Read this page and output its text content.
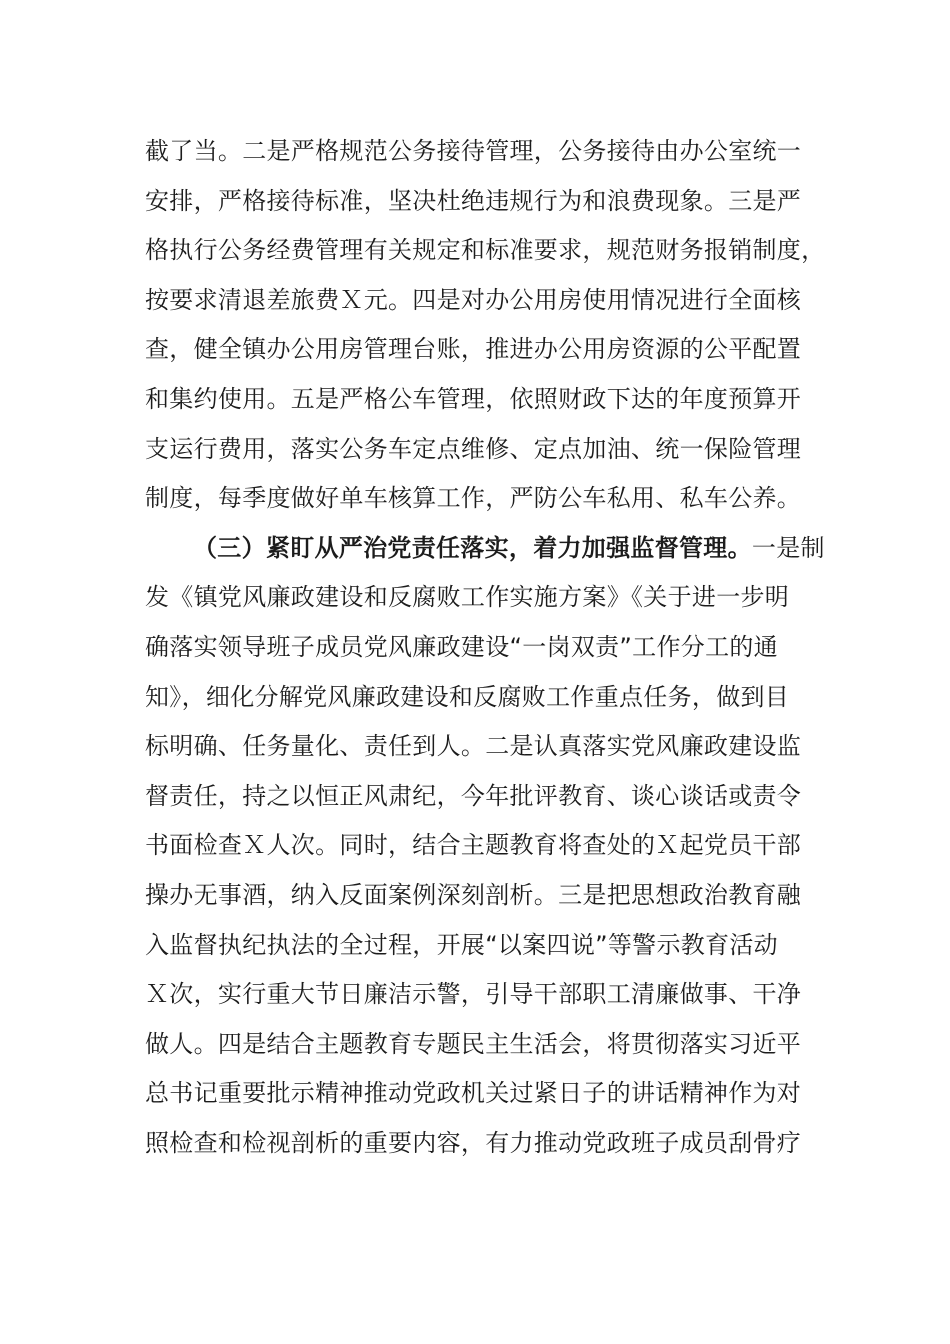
截了当。二是严格规范公务接待管理，公务接待由办公室统一
安排，严格接待标准，坚决杜绝违规行为和浪费现象。三是严
格执行公务经费管理有关规定和标准要求，规范财务报销制度，
按要求清退差旅费Ｘ元。四是对办公用房使用情况进行全面核
查，健全镇办公用房管理台账，推进办公用房资源的公平配置
和集约使用。五是严格公车管理，依照财政下达的年度预算开
支运行费用，落实公务车定点维修、定点加油、统一保险管理
制度，每季度做好单车核算工作，严防公车私用、私车公养。
（三）紧盯从严治党责任落实，着力加强监督管理。一是制
发《镇党风廉政建设和反腐败工作实施方案》《关于进一步明
确落实领导班子成员党风廉政建设“一岗双责”工作分工的通
知》，细化分解党风廉政建设和反腐败工作重点任务，做到目
标明确、任务量化、责任到人。二是认真落实党风廉政建设监
督责任，持之以恒正风肃纪，今年批评教育、谈心谈话或责令
书面检查Ｘ人次。同时，结合主题教育将查处的Ｘ起党员干部
操办无事酒，纳入反面案例深刻剖析。三是把思想政治教育融
入监督执纪执法的全过程，开展“以案四说”等警示教育活动
Ｘ次，实行重大节日廉洁示警，引导干部职工清廉做事、干净
做人。四是结合主题教育专题民主生活会，将贯彻落实习近平
总书记重要批示精神推动党政机关过紧日子的讲话精神作为对
照检查和检视剖析的重要内容，有力推动党政班子成员刮骨疗
